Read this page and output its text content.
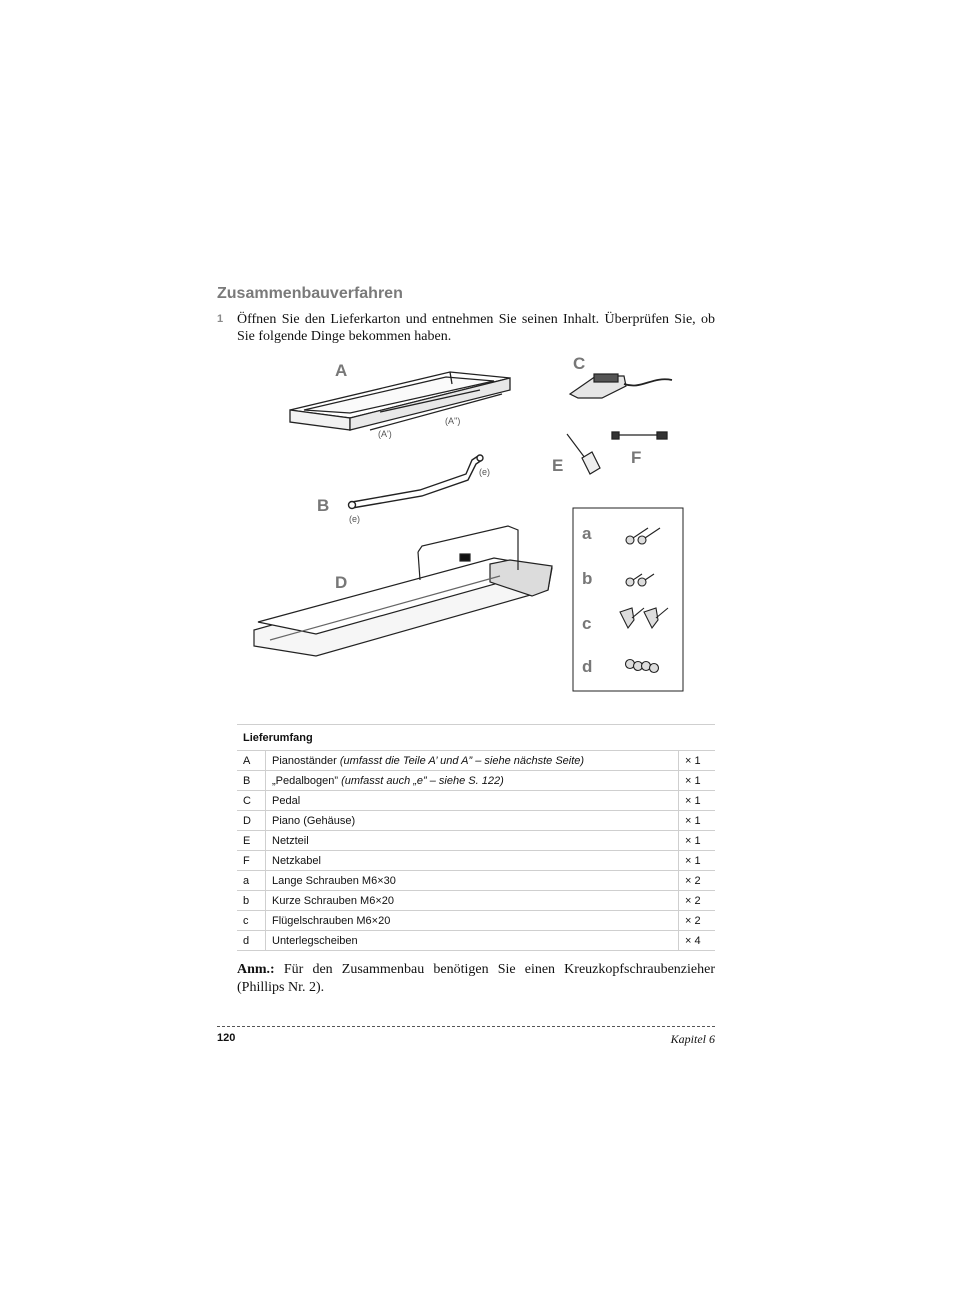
Zusammenbauverfahren
1 Öffnen Sie den Lieferkarton und entnehmen Sie seinen Inhalt. Überprüfen Sie, ob Sie folgende Dinge bekommen haben.
A
B
C
D
E	F
a
b
c
d
(A')
(A'')
(e)
(e)
Lieferumfang		
A	Pianoständer (umfasst die Teile A’ und A” – siehe nächste Seite)	× 1
B	„Pedalbogen” (umfasst auch „e” – siehe S. 122)	× 1
C	Pedal	× 1
D	Piano (Gehäuse)	× 1
E	Netzteil	× 1
F	Netzkabel	× 1
a	Lange Schrauben M6×30	× 2
b	Kurze Schrauben M6×20	× 2
c	Flügelschrauben M6×20	× 2
d	Unterlegscheiben	× 4
Anm.: Für den Zusammenbau benötigen Sie einen Kreuzkopfschraubenzieher (Phillips Nr. 2).
120	Kapitel 6
